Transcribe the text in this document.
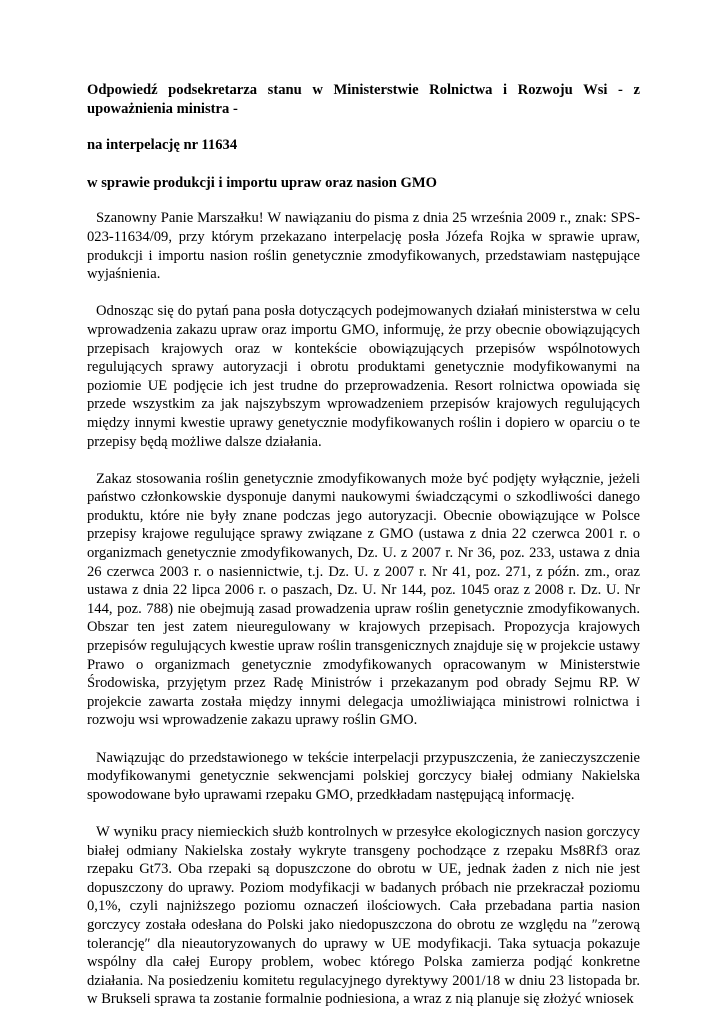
Odpowiedź podsekretarza stanu w Ministerstwie Rolnictwa i Rozwoju Wsi - z upoważnienia ministra -

na interpelację nr 11634

w sprawie produkcji i importu upraw oraz nasion GMO

Szanowny Panie Marszałku! W nawiązaniu do pisma z dnia 25 września 2009 r., znak: SPS-023-11634/09, przy którym przekazano interpelację posła Józefa Rojka w sprawie upraw, produkcji i importu nasion roślin genetycznie zmodyfikowanych, przedstawiam następujące wyjaśnienia.

Odnosząc się do pytań pana posła dotyczących podejmowanych działań ministerstwa w celu wprowadzenia zakazu upraw oraz importu GMO, informuję, że przy obecnie obowiązujących przepisach krajowych oraz w kontekście obowiązujących przepisów wspólnotowych regulujących sprawy autoryzacji i obrotu produktami genetycznie modyfikowanymi na poziomie UE podjęcie ich jest trudne do przeprowadzenia. Resort rolnictwa opowiada się przede wszystkim za jak najszybszym wprowadzeniem przepisów krajowych regulujących między innymi kwestie uprawy genetycznie modyfikowanych roślin i dopiero w oparciu o te przepisy będą możliwe dalsze działania.

Zakaz stosowania roślin genetycznie zmodyfikowanych może być podjęty wyłącznie, jeżeli państwo członkowskie dysponuje danymi naukowymi świadczącymi o szkodliwości danego produktu, które nie były znane podczas jego autoryzacji. Obecnie obowiązujące w Polsce przepisy krajowe regulujące sprawy związane z GMO (ustawa z dnia 22 czerwca 2001 r. o organizmach genetycznie zmodyfikowanych, Dz. U. z 2007 r. Nr 36, poz. 233, ustawa z dnia 26 czerwca 2003 r. o nasiennictwie, t.j. Dz. U. z 2007 r. Nr 41, poz. 271, z późn. zm., oraz ustawa z dnia 22 lipca 2006 r. o paszach, Dz. U. Nr 144, poz. 1045 oraz z 2008 r. Dz. U. Nr 144, poz. 788) nie obejmują zasad prowadzenia upraw roślin genetycznie zmodyfikowanych. Obszar ten jest zatem nieuregulowany w krajowych przepisach. Propozycja krajowych przepisów regulujących kwestie upraw roślin transgenicznych znajduje się w projekcie ustawy Prawo o organizmach genetycznie zmodyfikowanych opracowanym w Ministerstwie Środowiska, przyjętym przez Radę Ministrów i przekazanym pod obrady Sejmu RP. W projekcie zawarta została między innymi delegacja umożliwiająca ministrowi rolnictwa i rozwoju wsi wprowadzenie zakazu uprawy roślin GMO.

Nawiązując do przedstawionego w tekście interpelacji przypuszczenia, że zanieczyszczenie modyfikowanymi genetycznie sekwencjami polskiej gorczycy białej odmiany Nakielska spowodowane było uprawami rzepaku GMO, przedkładam następującą informację.

W wyniku pracy niemieckich służb kontrolnych w przesyłce ekologicznych nasion gorczycy białej odmiany Nakielska zostały wykryte transgeny pochodzące z rzepaku Ms8Rf3 oraz rzepaku Gt73. Oba rzepaki są dopuszczone do obrotu w UE, jednak żaden z nich nie jest dopuszczony do uprawy. Poziom modyfikacji w badanych próbach nie przekraczał poziomu 0,1%, czyli najniższego poziomu oznaczeń ilościowych. Cała przebadana partia nasion gorczycy została odesłana do Polski jako niedopuszczona do obrotu ze względu na ″zerową tolerancję″ dla nieautoryzowanych do uprawy w UE modyfikacji. Taka sytuacja pokazuje wspólny dla całej Europy problem, wobec którego Polska zamierza podjąć konkretne działania. Na posiedzeniu komitetu regulacyjnego dyrektywy 2001/18 w dniu 23 listopada br. w Brukseli sprawa ta zostanie formalnie podniesiona, a wraz z nią planuje się złożyć wniosek
